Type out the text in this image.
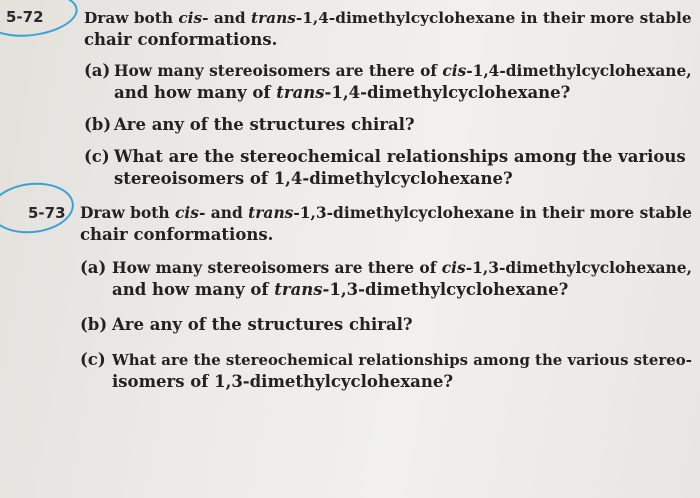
5-72	Draw both cis- and trans-1,4-dimethylcyclohexane in their more stable
chair conformations.
(a) How many stereoisomers are there of cis-1,4-dimethylcyclohexane,
and how many of trans-1,4-dimethylcyclohexane?
(b) Are any of the structures chiral?
(c) What are the stereochemical relationships among the various
stereoisomers of 1,4-dimethylcyclohexane?
5-73 Draw both cis- and trans-1,3-dimethylcyclohexane in their more stable
chair conformations.
(a) How many stereoisomers are there of cis-1,3-dimethylcyclohexane,
and how many of trans-1,3-dimethylcyclohexane?
(b) Are any of the structures chiral?
(c) What are the stereochemical relationships among the various stereo-
isomers of 1,3-dimethylcyclohexane?
